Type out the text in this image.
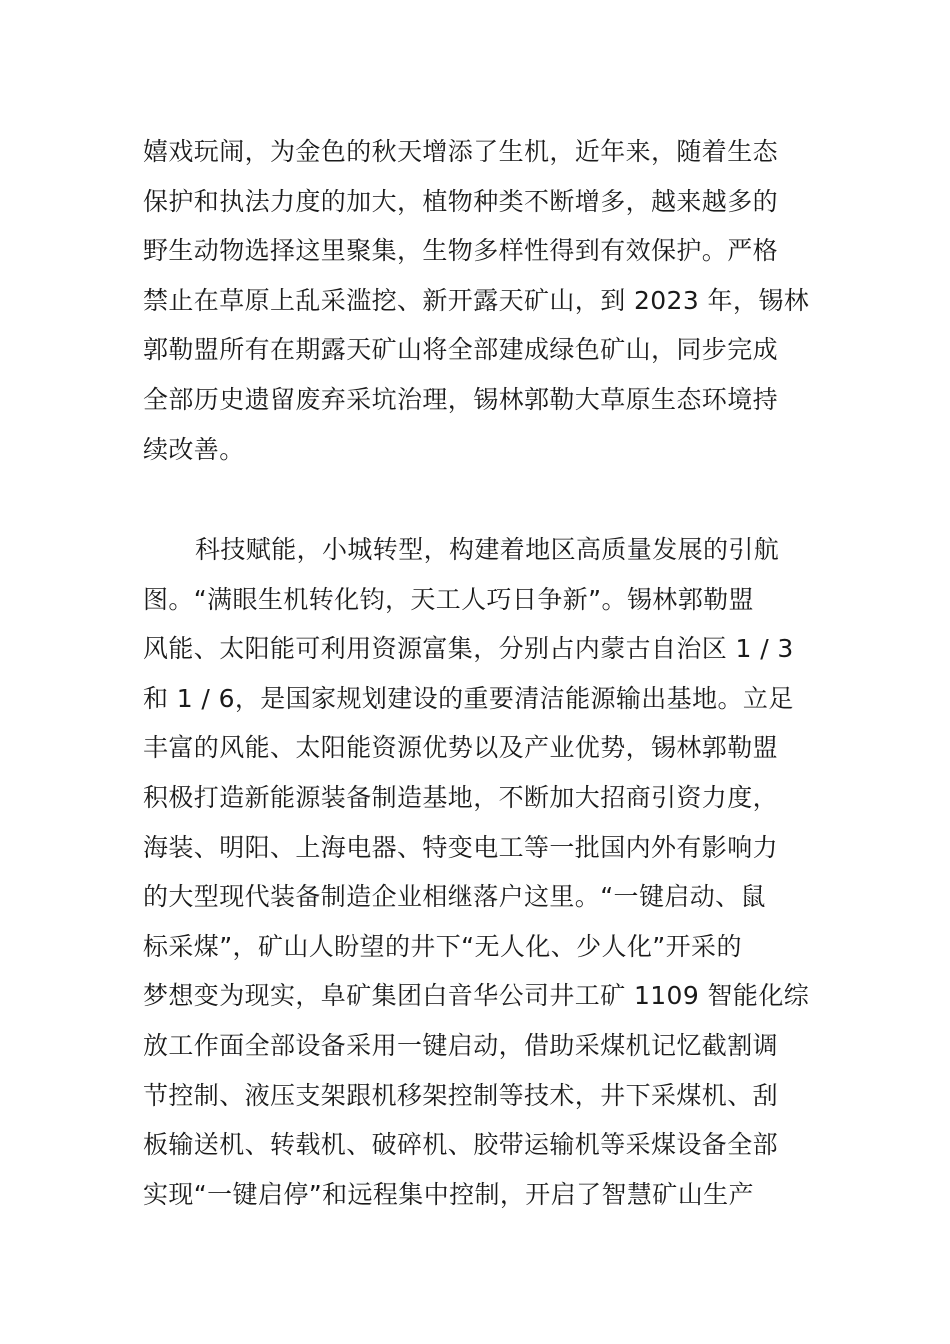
嬉戏玩闹，为金色的秋天增添了生机，近年来，随着生态
保护和执法力度的加大，植物种类不断增多，越来越多的
野生动物选择这里聚集，生物多样性得到有效保护。严格
禁止在草原上乱采滥挖、新开露天矿山，到 2023 年，锡林
郭勒盟所有在期露天矿山将全部建成绿色矿山，同步完成
全部历史遗留废弃采坑治理，锡林郭勒大草原生态环境持
续改善。

科技赋能，小城转型，构建着地区高质量发展的引航
图。“满眼生机转化钧，天工人巧日争新”。锡林郭勒盟
风能、太阳能可利用资源富集，分别占内蒙古自治区 1 / 3
和 1 / 6，是国家规划建设的重要清洁能源输出基地。立足
丰富的风能、太阳能资源优势以及产业优势，锡林郭勒盟
积极打造新能源装备制造基地，不断加大招商引资力度，
海装、明阳、上海电器、特变电工等一批国内外有影响力
的大型现代装备制造企业相继落户这里。“一键启动、鼠
标采煤”，矿山人盼望的井下“无人化、少人化”开采的
梦想变为现实，阜矿集团白音华公司井工矿 1109 智能化综
放工作面全部设备采用一键启动，借助采煤机记忆截割调
节控制、液压支架跟机移架控制等技术，井下采煤机、刮
板输送机、转载机、破碎机、胶带运输机等采煤设备全部
实现“一键启停”和远程集中控制，开启了智慧矿山生产
